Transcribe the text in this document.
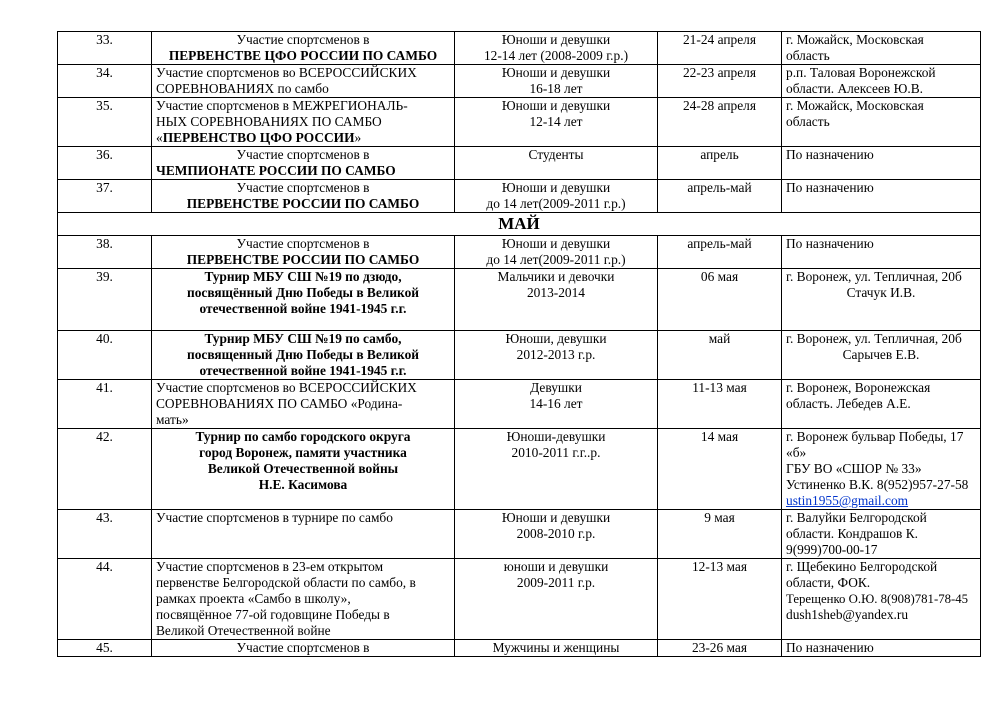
33.	Участие спортсменов в
ПЕРВЕНСТВЕ ЦФО РОССИИ ПО САМБО	Юноши и девушки
12-14 лет (2008-2009 г.р.)	21-24 апреля	г. Можайск, Московская
область

34.	Участие спортсменов во ВСЕРОССИЙСКИХ
СОРЕВНОВАНИЯХ по самбо	Юноши и девушки
16-18 лет	22-23 апреля	р.п. Таловая Воронежской
области. Алексеев Ю.В.

35.	Участие спортсменов в МЕЖРЕГИОНАЛЬ-
НЫХ СОРЕВНОВАНИЯХ ПО САМБО
«ПЕРВЕНСТВО ЦФО РОССИИ»	Юноши и девушки
12-14 лет	24-28 апреля	г. Можайск, Московская
область

36.	Участие спортсменов в
ЧЕМПИОНАТЕ РОССИИ ПО САМБО	Студенты	апрель	По назначению
37.	Участие спортсменов в
ПЕРВЕНСТВЕ РОССИИ ПО САМБО	Юноши и девушки
до 14 лет(2009-2011 г.р.)	апрель-май	По назначению
МАЙ				
38.	Участие спортсменов в
ПЕРВЕНСТВЕ РОССИИ ПО САМБО	Юноши и девушки
до 14 лет(2009-2011 г.р.)	апрель-май	По назначению
39.	Турнир МБУ СШ №19 по дзюдо,
посвящённый Дню Победы в Великой
отечественной войне 1941-1945 г.г.	Мальчики и девочки
2013-2014	06 мая	г. Воронеж, ул. Тепличная, 20б
Стачук И.В.

40.	Турнир МБУ СШ №19 по самбо,
посвященный Дню Победы в Великой
отечественной войне 1941-1945 г.г.	Юноши, девушки
2012-2013 г.р.	май	г. Воронеж, ул. Тепличная, 20б
Сарычев Е.В.

41.	Участие спортсменов во ВСЕРОССИЙСКИХ
СОРЕВНОВАНИЯХ ПО САМБО «Родина-
мать»	Девушки
14-16 лет	11-13 мая	г. Воронеж, Воронежская
область. Лебедев А.Е.

42.	Турнир по самбо городского округа
город Воронеж, памяти участника
Великой Отечественной войны
Н.Е. Касимова	Юноши-девушки
2010-2011 г.г..р.	14 мая	г. Воронеж бульвар Победы, 17 «б»
ГБУ ВО «СШОР № 33»
Устиненко В.К. 8(952)957-27-58
ustin1955@gmail.com

43.	Участие спортсменов в турнире по самбо	Юноши и девушки
2008-2010 г.р.	9 мая	г. Валуйки Белгородской
области. Кондрашов К.
9(999)700-00-17

44.	Участие спортсменов в 23-ем открытом
первенстве Белгородской области по самбо, в
рамках проекта «Самбо в школу»,
посвящённое 77-ой годовщине Победы в
Великой Отечественной войне	юноши и девушки
2009-2011 г.р.	12-13 мая	г. Щебекино Белгородской
области, ФОК.
Терещенко О.Ю. 8(908)781-78-45
dush1sheb@yandex.ru

45.	Участие спортсменов в	Мужчины и женщины	23-26 мая	По назначению
